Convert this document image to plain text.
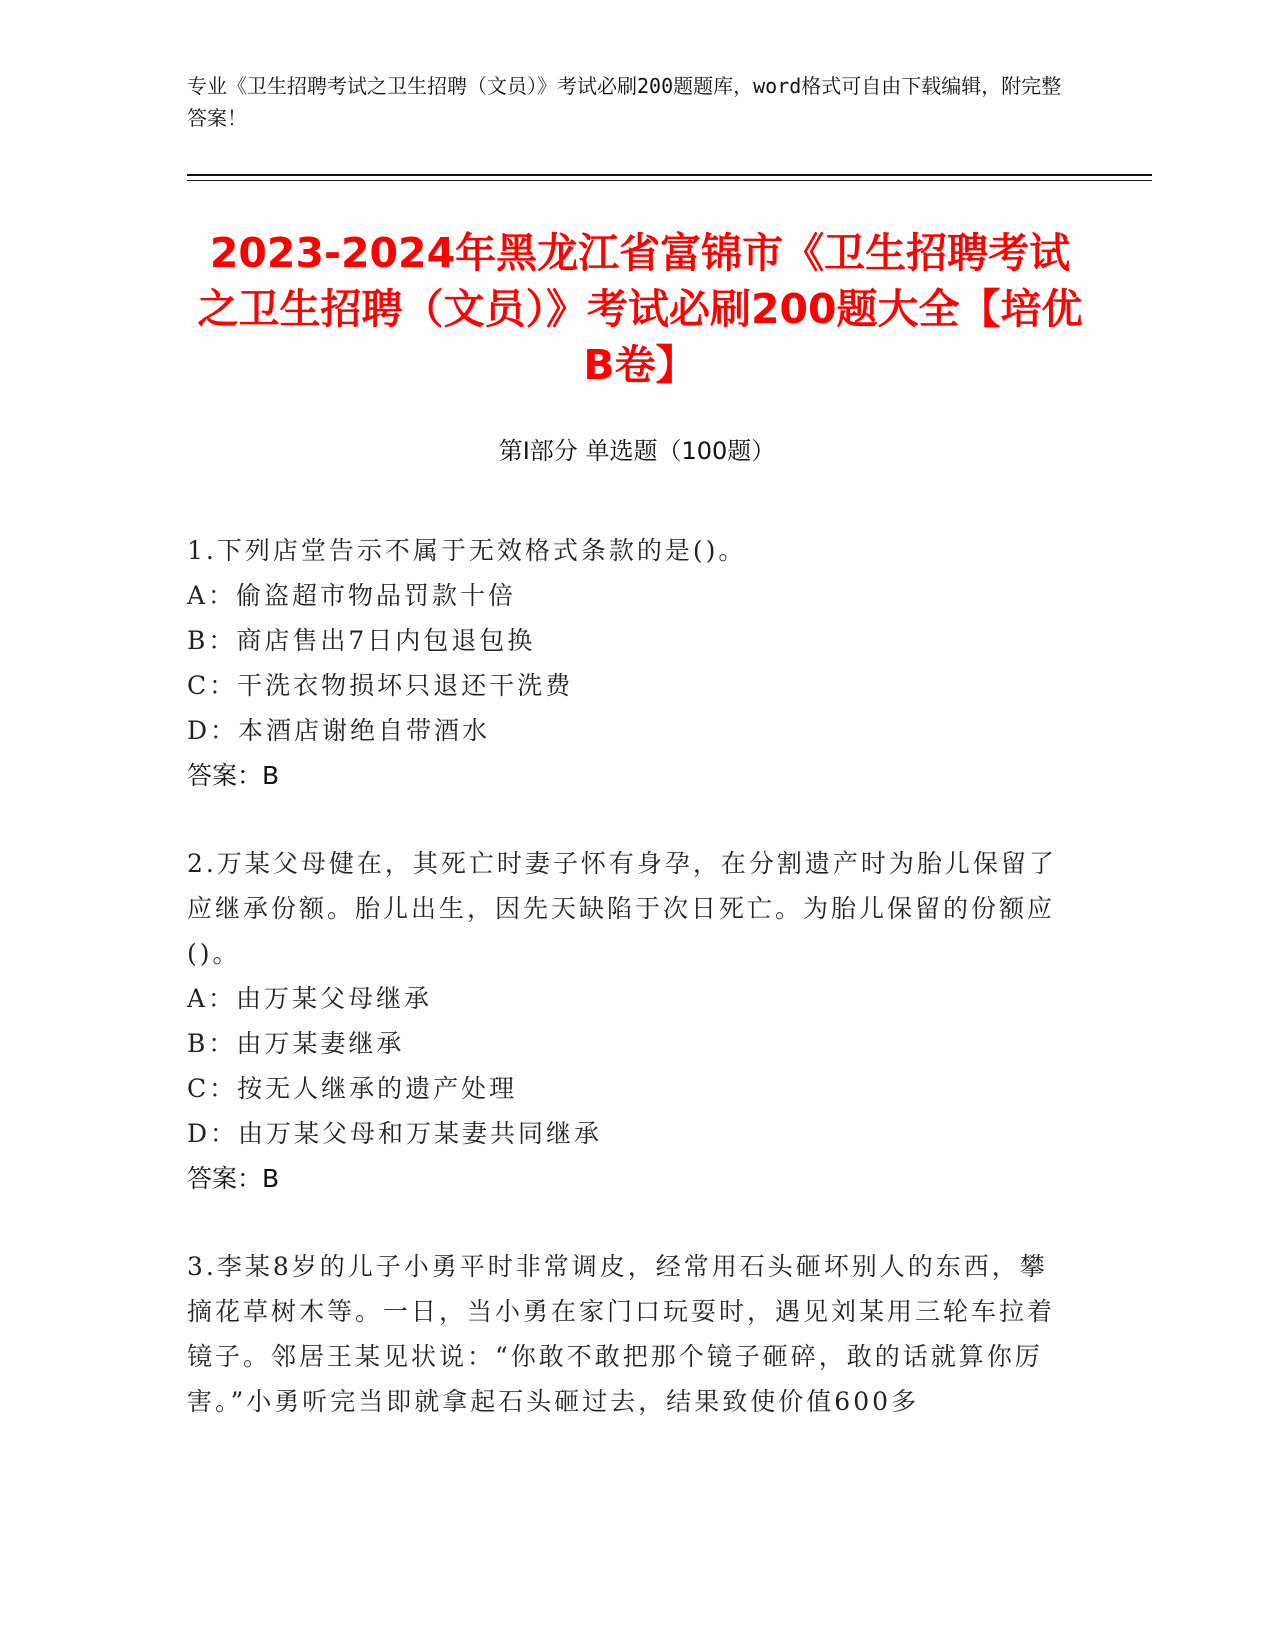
专业《卫生招聘考试之卫生招聘（文员）》考试必刷200题题库，word格式可自由下载编辑，附完整答案！
2023-2024年黑龙江省富锦市《卫生招聘考试之卫生招聘（文员）》考试必刷200题大全【培优B卷】
第Ⅰ部分 单选题（100题）
1.下列店堂告示不属于无效格式条款的是()。
A：偷盗超市物品罚款十倍
B：商店售出7日内包退包换
C：干洗衣物损坏只退还干洗费
D：本酒店谢绝自带酒水
答案：B
2.万某父母健在，其死亡时妻子怀有身孕，在分割遗产时为胎儿保留了应继承份额。胎儿出生，因先天缺陷于次日死亡。为胎儿保留的份额应()。
A：由万某父母继承
B：由万某妻继承
C：按无人继承的遗产处理
D：由万某父母和万某妻共同继承
答案：B
3.李某8岁的儿子小勇平时非常调皮，经常用石头砸坏别人的东西，攀摘花草树木等。一日，当小勇在家门口玩耍时，遇见刘某用三轮车拉着镜子。邻居王某见状说：“你敢不敢把那个镜子砸碎，敢的话就算你厉害。”小勇听完当即就拿起石头砸过去，结果致使价值600多
